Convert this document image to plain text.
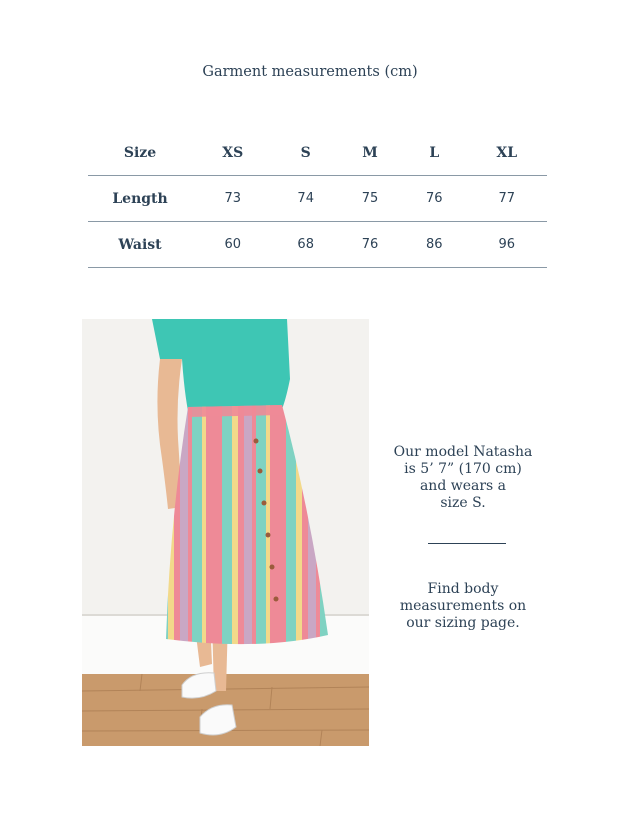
Garment measurements (cm)
Size	XS	S	M	L	XL
Length	73	74	75	76	77
Waist	60	68	76	86	96
Our model Natasha
is 5’ 7” (170 cm)
and wears a
size S.
Find body
measurements on
our sizing page.
